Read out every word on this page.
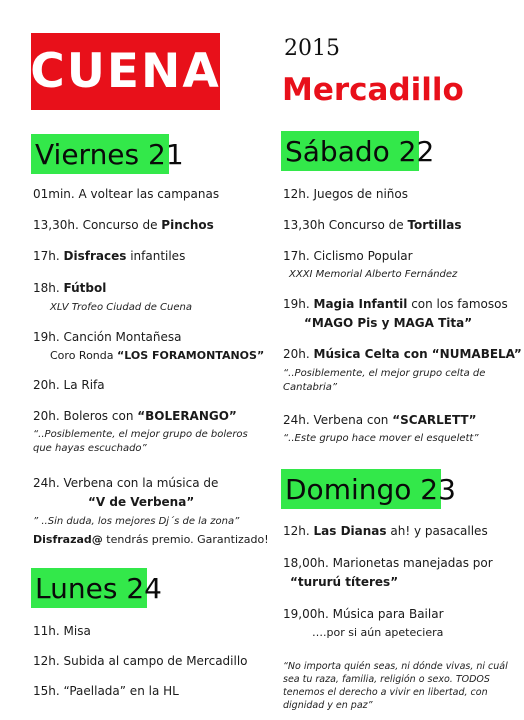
CUENA	2015
Mercadillo
Viernes 21
01min. A voltear las campanas
13,30h. Concurso de Pinchos
17h. Disfraces infantiles
18h. Fútbol
XLV Trofeo Ciudad de Cuena
19h. Canción Montañesa
Coro Ronda “LOS FORAMONTANOS”
20h. La Rifa
20h. Boleros con “BOLERANGO”
“..Posiblemente, el mejor grupo de boleros
que hayas escuchado”
24h. Verbena con la música de
“V de Verbena”
” ..Sin duda, los mejores Dj´s de la zona”
Disfrazad@ tendrás premio. Garantizado!
Lunes 24
11h. Misa
12h. Subida al campo de Mercadillo
15h. “Paellada” en la HL
Sábado 22
12h. Juegos de niños
13,30h Concurso de Tortillas
17h. Ciclismo Popular
XXXI Memorial Alberto Fernández
19h. Magia Infantil con los famosos
“MAGO Pis y MAGA Tita”
20h. Música Celta con “NUMABELA”
“..Posiblemente, el mejor grupo celta de
Cantabria”
24h. Verbena con “SCARLETT”
“..Este grupo hace mover el esquelett”
Domingo 23
12h. Las Dianas ah! y pasacalles
18,00h. Marionetas manejadas por
“tururú títeres”
19,00h. Música para Bailar
….por si aún apeteciera
“No importa quién seas, ni dónde vivas, ni cuál
sea tu raza, familia, religión o sexo. TODOS
tenemos el derecho a vivir en libertad, con
dignidad y en paz”
